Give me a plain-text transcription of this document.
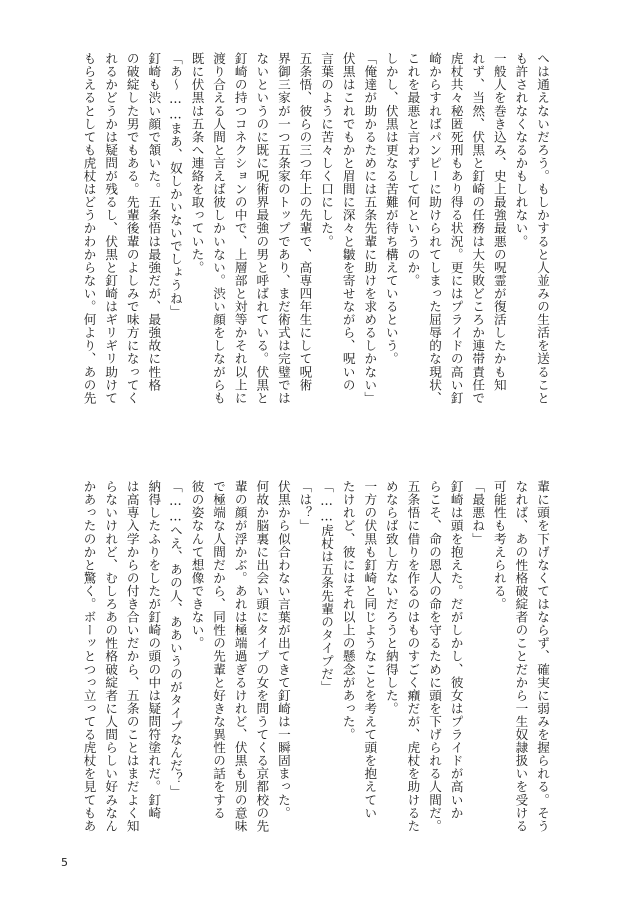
へは通えないだろう。もしかすると人並みの生活を送ること
も許されなくなるかもしれない。
一般人を巻き込み、史上最強最悪の呪霊が復活したかも知
れず、当然、伏黒と釘崎の任務は大失敗どころか連帯責任で
虎杖共々秘匿死刑もあり得る状況。更にはプライドの高い釘
崎からすればパンピーに助けられてしまった屈辱的な現状、
これを最悪と言わずして何というのか。
しかし、伏黒は更なる苦難が待ち構えているという。
「俺達が助かるためには五条先輩に助けを求めるしかない」
伏黒はこれでもかと眉間に深々と皺を寄せながら、呪いの
言葉のように苦々しく口にした。
五条悟、彼らの三つ年上の先輩で、高専四年生にして呪術
界御三家が一つ五条家のトップであり、まだ術式は完璧では
ないというのに既に呪術界最強の男と呼ばれている。伏黒と
釘崎の持つコネクションの中で、上層部と対等かそれ以上に
渡り合える人間と言えば彼しかいない。渋い顔をしながらも
既に伏黒は五条へ連絡を取っていた。
「あ～……まあ、奴しかいないでしょうね」
釘崎も渋い顔で頷いた。五条悟は最強だが、最強故に性格
の破綻した男でもある。先輩後輩のよしみで味方になってく
れるかどうかは疑問が残るし、伏黒と釘崎はギリギリ助けて
もらえるとしても虎杖はどうかわからない。何より、あの先
輩に頭を下げなくてはならず、確実に弱みを握られる。そう
なれば、あの性格破綻者のことだから一生奴隷扱いを受ける
可能性も考えられる。
「最悪ね」
釘崎は頭を抱えた。だがしかし、彼女はプライドが高いか
らこそ、命の恩人の命を守るために頭を下げられる人間だ。
五条悟に借りを作るのはものすごく癪だが、虎杖を助けるた
めならば致し方ないだろうと納得した。
一方の伏黒も釘崎と同じようなことを考えて頭を抱えてい
たけれど、彼にはそれ以上の懸念があった。
「……虎杖は五条先輩のタイプだ」
「は？」
伏黒から似合わない言葉が出てきて釘崎は一瞬固まった。
何故か脳裏に出会い頭にタイプの女を問うてくる京都校の先
輩の顔が浮かぶ。あれは極端過ぎるけれど、伏黒も別の意味
で極端な人間だから、同性の先輩と好きな異性の話をする
彼の姿なんて想像できない。
「……へえ、あの人、ああいうのがタイプなんだ？」
納得したふりをしたが釘崎の頭の中は疑問符塗れだ。釘崎
は高専入学からの付き合いだから、五条のことはまだよく知
らないけれど、むしろあの性格破綻者に人間らしい好みなん
かあったのかと驚く。ボーッとつっ立ってる虎杖を見てもあ
5
